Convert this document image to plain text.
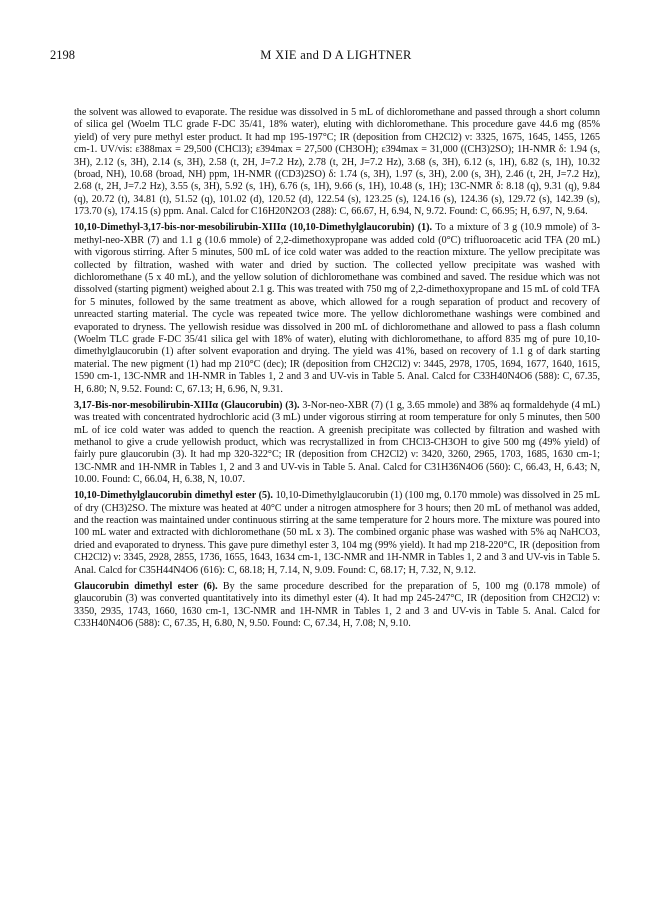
2198	M XIE and D A LIGHTNER

the solvent was allowed to evaporate. The residue was dissolved in 5 mL of dichloromethane and passed through a short column of silica gel (Woelm TLC grade F-DC 35/41, 18% water), eluting with dichloromethane. This procedure gave 44.6 mg (85% yield) of very pure methyl ester product. It had mp 195-197°C; IR (deposition from CH2Cl2) ν: 3325, 1675, 1645, 1455, 1265 cm-1. UV/vis: ε388max = 29,500 (CHCl3); ε394max = 27,500 (CH3OH); ε394max = 31,000 ((CH3)2SO); 1H-NMR δ: 1.94 (s, 3H), 2.12 (s, 3H), 2.14 (s, 3H), 2.58 (t, 2H, J=7.2 Hz), 2.78 (t, 2H, J=7.2 Hz), 3.68 (s, 3H), 6.12 (s, 1H), 6.82 (s, 1H), 10.32 (broad, NH), 10.68 (broad, NH) ppm, 1H-NMR ((CD3)2SO) δ: 1.74 (s, 3H), 1.97 (s, 3H), 2.00 (s, 3H), 2.46 (t, 2H, J=7.2 Hz), 2.68 (t, 2H, J=7.2 Hz), 3.55 (s, 3H), 5.92 (s, 1H), 6.76 (s, 1H), 9.66 (s, 1H), 10.48 (s, 1H); 13C-NMR δ: 8.18 (q), 9.31 (q), 9.84 (q), 20.72 (t), 34.81 (t), 51.52 (q), 101.02 (d), 120.52 (d), 122.54 (s), 123.25 (s), 124.16 (s), 124.36 (s), 129.72 (s), 142.39 (s), 173.70 (s), 174.15 (s) ppm. Anal. Calcd for C16H20N2O3 (288): C, 66.67, H, 6.94, N, 9.72. Found: C, 66.95; H, 6.97, N, 9.64.

10,10-Dimethyl-3,17-bis-nor-mesobilirubin-XIIIα (10,10-Dimethylglaucorubin) (1). To a mixture of 3 g (10.9 mmole) of 3-methyl-neo-XBR (7) and 1.1 g (10.6 mmole) of 2,2-dimethoxypropane was added cold (0°C) trifluoroacetic acid TFA (20 mL) with vigorous stirring. After 5 minutes, 500 mL of ice cold water was added to the reaction mixture. The yellow precipitate was collected by filtration, washed with water and dried by suction. The collected yellow precipitate was washed with dichloromethane (5 x 40 mL), and the yellow solution of dichloromethane was combined and saved. The residue which was not dissolved (starting pigment) weighed about 2.1 g. This was treated with 750 mg of 2,2-dimethoxypropane and 15 mL of cold TFA for 5 minutes, followed by the same treatment as above, which allowed for a rough separation of product and recovery of unreacted starting material. The cycle was repeated twice more. The yellow dichloromethane washings were combined and evaporated to dryness. The yellowish residue was dissolved in 200 mL of dichloromethane and allowed to pass a flash column (Woelm TLC grade F-DC 35/41 silica gel with 18% of water), eluting with dichloromethane, to afford 835 mg of pure 10,10-dimethylglaucorubin (1) after solvent evaporation and drying. The yield was 41%, based on recovery of 1.1 g of dark starting material. The new pigment (1) had mp 210°C (dec); IR (deposition from CH2Cl2) ν: 3445, 2978, 1705, 1694, 1677, 1640, 1615, 1590 cm-1, 13C-NMR and 1H-NMR in Tables 1, 2 and 3 and UV-vis in Table 5. Anal. Calcd for C33H40N4O6 (588): C, 67.35, H, 6.80; N, 9.52. Found: C, 67.13; H, 6.96, N, 9.31.

3,17-Bis-nor-mesobilirubin-XIIIα (Glaucorubin) (3). 3-Nor-neo-XBR (7) (1 g, 3.65 mmole) and 38% aq formaldehyde (4 mL) was treated with concentrated hydrochloric acid (3 mL) under vigorous stirring at room temperature for only 5 minutes, then 500 mL of ice cold water was added to quench the reaction. A greenish precipitate was collected by filtration and washed with methanol to give a crude yellowish product, which was recrystallized in from CHCl3-CH3OH to give 500 mg (49% yield) of fairly pure glaucorubin (3). It had mp 320-322°C; IR (deposition from CH2Cl2) ν: 3420, 3260, 2965, 1703, 1685, 1630 cm-1; 13C-NMR and 1H-NMR in Tables 1, 2 and 3 and UV-vis in Table 5. Anal. Calcd for C31H36N4O6 (560): C, 66.43, H, 6.43; N, 10.00. Found: C, 66.04, H, 6.38, N, 10.07.

10,10-Dimethylglaucorubin dimethyl ester (5). 10,10-Dimethylglaucorubin (1) (100 mg, 0.170 mmole) was dissolved in 25 mL of dry (CH3)2SO. The mixture was heated at 40°C under a nitrogen atmosphere for 3 hours; then 20 mL of methanol was added, and the reaction was maintained under continuous stirring at the same temperature for 2 hours more. The mixture was poured into 100 mL water and extracted with dichloromethane (50 mL x 3). The combined organic phase was washed with 5% aq NaHCO3, dried and evaporated to dryness. This gave pure dimethyl ester 3, 104 mg (99% yield). It had mp 218-220°C, IR (deposition from CH2Cl2) ν: 3345, 2928, 2855, 1736, 1655, 1643, 1634 cm-1, 13C-NMR and 1H-NMR in Tables 1, 2 and 3 and UV-vis in Table 5. Anal. Calcd for C35H44N4O6 (616): C, 68.18; H, 7.14, N, 9.09. Found: C, 68.17; H, 7.32, N, 9.12.

Glaucorubin dimethyl ester (6). By the same procedure described for the preparation of 5, 100 mg (0.178 mmole) of glaucorubin (3) was converted quantitatively into its dimethyl ester (4). It had mp 245-247°C, IR (deposition from CH2Cl2) ν: 3350, 2935, 1743, 1660, 1630 cm-1, 13C-NMR and 1H-NMR in Tables 1, 2 and 3 and UV-vis in Table 5. Anal. Calcd for C33H40N4O6 (588): C, 67.35, H, 6.80, N, 9.50. Found: C, 67.34, H, 7.08; N, 9.10.
